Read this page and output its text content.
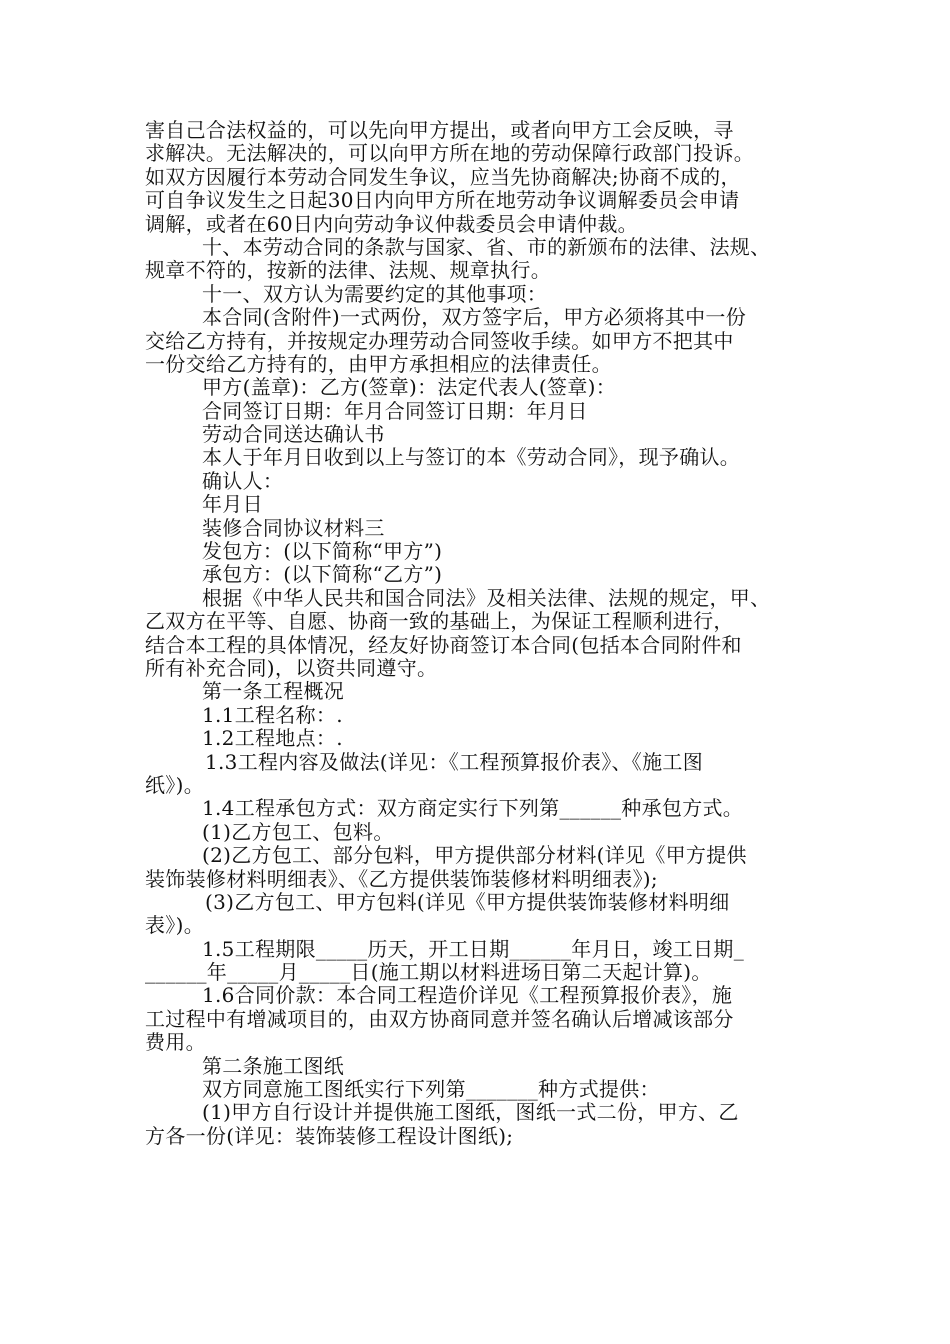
害自己合法权益的，可以先向甲方提出，或者向甲方工会反映，寻
求解决。无法解决的，可以向甲方所在地的劳动保障行政部门投诉。
如双方因履行本劳动合同发生争议，应当先协商解决;协商不成的，
可自争议发生之日起30日内向甲方所在地劳动争议调解委员会申请
调解，或者在60日内向劳动争议仲裁委员会申请仲裁。
十、本劳动合同的条款与国家、省、市的新颁布的法律、法规、
规章不符的，按新的法律、法规、规章执行。
十一、双方认为需要约定的其他事项：
本合同(含附件)一式两份，双方签字后，甲方必须将其中一份
交给乙方持有，并按规定办理劳动合同签收手续。如甲方不把其中
一份交给乙方持有的，由甲方承担相应的法律责任。
甲方(盖章)：乙方(签章)：法定代表人(签章)：
合同签订日期：年月合同签订日期：年月日
劳动合同送达确认书
本人于年月日收到以上与签订的本《劳动合同》，现予确认。
确认人：
年月日
装修合同协议材料三
发包方：(以下简称“甲方”)
承包方：(以下简称“乙方”)
根据《中华人民共和国合同法》及相关法律、法规的规定，甲、
乙双方在平等、自愿、协商一致的基础上，为保证工程顺利进行，
结合本工程的具体情况，经友好协商签订本合同(包括本合同附件和
所有补充合同)，以资共同遵守。
第一条工程概况
1.1工程名称：.
1.2工程地点：.
1.3工程内容及做法(详见：《工程预算报价表》、《施工图
纸》)。
1.4工程承包方式：双方商定实行下列第______种承包方式。
(1)乙方包工、包料。
(2)乙方包工、部分包料，甲方提供部分材料(详见《甲方提供
装饰装修材料明细表》、《乙方提供装饰装修材料明细表》);
(3)乙方包工、甲方包料(详见《甲方提供装饰装修材料明细
表》)。
1.5工程期限_____历天，开工日期______年月日，竣工日期_
______年_____月_____日(施工期以材料进场日第二天起计算)。
1.6合同价款：本合同工程造价详见《工程预算报价表》，施
工过程中有增减项目的，由双方协商同意并签名确认后增减该部分
费用。
第二条施工图纸
双方同意施工图纸实行下列第_______种方式提供：
(1)甲方自行设计并提供施工图纸，图纸一式二份，甲方、乙
方各一份(详见：装饰装修工程设计图纸);
